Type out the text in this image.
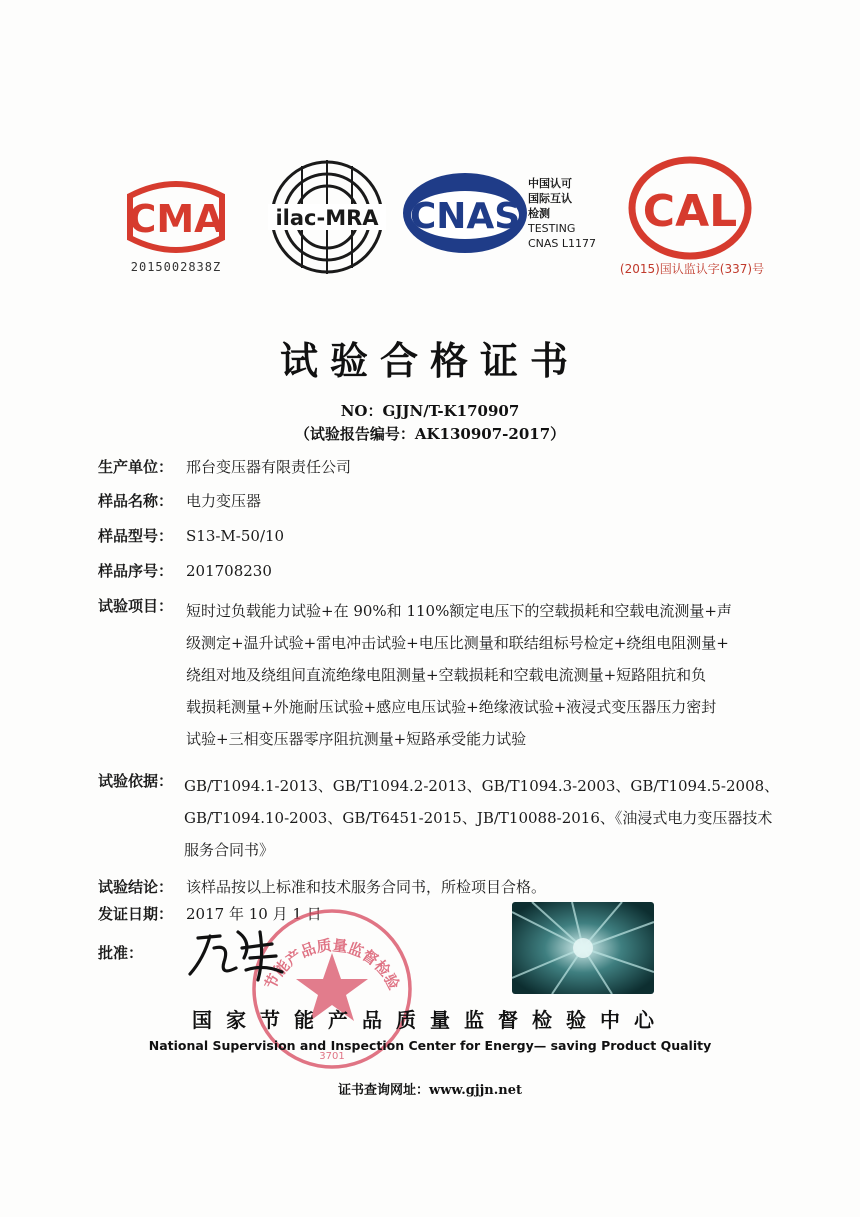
CMA
2015002838Z
ilac-MRA CNAS
中国认可
国际互认
检测
TESTING
CNAS L1177
CAL
(2015)国认监认字(337)号
试验合格证书
NO：GJJN/T-K170907
（试验报告编号：AK130907-2017）
生产单位： 邢台变压器有限责任公司
样品名称： 电力变压器
样品型号： S13-M-50/10
样品序号： 201708230
试验项目： 短时过负载能力试验+在 90%和 110%额定电压下的空载损耗和空载电流测量+声
级测定+温升试验+雷电冲击试验+电压比测量和联结组标号检定+绕组电阻测量+
绕组对地及绕组间直流绝缘电阻测量+空载损耗和空载电流测量+短路阻抗和负
载损耗测量+外施耐压试验+感应电压试验+绝缘液试验+液浸式变压器压力密封
试验+三相变压器零序阻抗测量+短路承受能力试验
试验依据： GB/T1094.1-2013、GB/T1094.2-2013、GB/T1094.3-2003、GB/T1094.5-2008、
GB/T1094.10-2003、GB/T6451-2015、JB/T10088-2016、《油浸式电力变压器技术
服务合同书》
试验结论： 该样品按以上标准和技术服务合同书，所检项目合格。
发证日期： 2017 年 10 月 1 日
批准：
节能产品质量监督检验
3701
国家节能产品质量监督检验中心
National Supervision and Inspection Center for Energy— saving Product Quality
证书查询网址：www.gjjn.net
